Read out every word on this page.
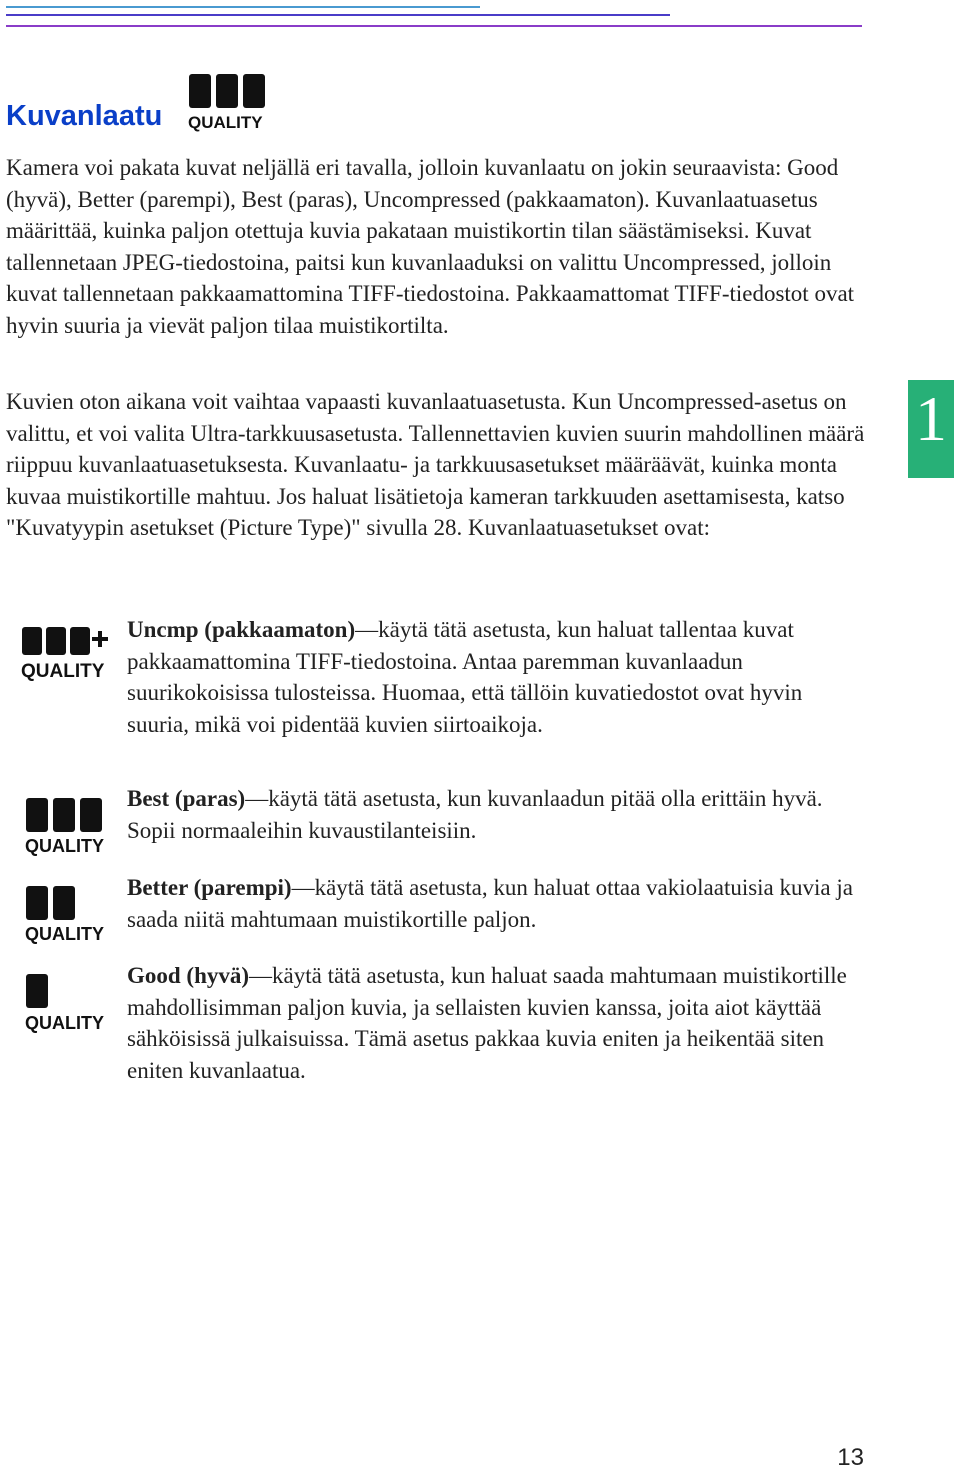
Kuvanlaatu QUALITY

Kamera voi pakata kuvat neljällä eri tavalla, jolloin kuvanlaatu on jokin seuraavista: Good (hyvä), Better (parempi), Best (paras), Uncompressed (pakkaamaton). Kuvanlaatuasetus määrittää, kuinka paljon otettuja kuvia pakataan muistikortin tilan säästämiseksi. Kuvat tallennetaan JPEG-tiedostoina, paitsi kun kuvanlaaduksi on valittu Uncompressed, jolloin kuvat tallennetaan pakkaamattomina TIFF-tiedostoina. Pakkaamattomat TIFF-tiedostot ovat hyvin suuria ja vievät paljon tilaa muistikortilta.

Kuvien oton aikana voit vaihtaa vapaasti kuvanlaatuasetusta. Kun Uncompressed-asetus on valittu, et voi valita Ultra-tarkkuusasetusta. Tallennettavien kuvien suurin mahdollinen määrä riippuu kuvanlaatuasetuksesta. Kuvanlaatu- ja tarkkuusasetukset määräävät, kuinka monta kuvaa muistikortille mahtuu. Jos haluat lisätietoja kameran tarkkuuden asettamisesta, katso "Kuvatyypin asetukset (Picture Type)" sivulla 28. Kuvanlaatuasetukset ovat:

1
QUALITY

Uncmp (pakkaamaton)—käytä tätä asetusta, kun haluat tallentaa kuvat pakkaamattomina TIFF-tiedostoina. Antaa paremman kuvanlaadun suurikokoisissa tulosteissa. Huomaa, että tällöin kuvatiedostot ovat hyvin suuria, mikä voi pidentää kuvien siirtoaikoja.

QUALITY

Best (paras)—käytä tätä asetusta, kun kuvanlaadun pitää olla erittäin hyvä. Sopii normaaleihin kuvaustilanteisiin.

QUALITY

Better (parempi)—käytä tätä asetusta, kun haluat ottaa vakiolaatuisia kuvia ja saada niitä mahtumaan muistikortille paljon.

QUALITY

Good (hyvä)—käytä tätä asetusta, kun haluat saada mahtumaan muistikortille mahdollisimman paljon kuvia, ja sellaisten kuvien kanssa, joita aiot käyttää sähköisissä julkaisuissa. Tämä asetus pakkaa kuvia eniten ja heikentää siten eniten kuvanlaatua.

13
